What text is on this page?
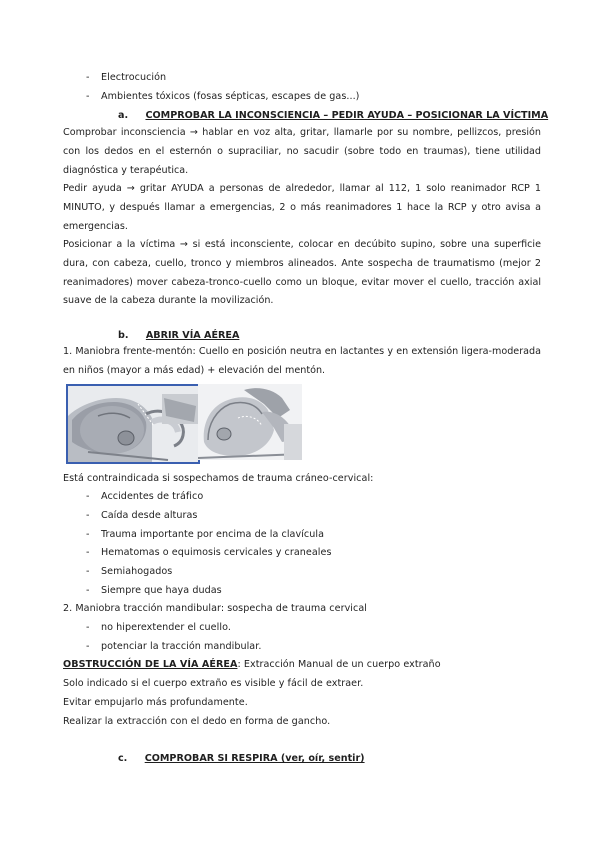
- Electrocución
- Ambientes tóxicos (fosas sépticas, escapes de gas...)
a. COMPROBAR LA INCONSCIENCIA – PEDIR AYUDA – POSICIONAR LA VÍCTIMA
Comprobar inconsciencia → hablar en voz alta, gritar, llamarle por su nombre, pellizcos, presión con los dedos en el esternón o supraciliar, no sacudir (sobre todo en traumas), tiene utilidad diagnóstica y terapéutica.
Pedir ayuda → gritar AYUDA a personas de alrededor, llamar al 112, 1 solo reanimador RCP 1 MINUTO, y después llamar a emergencias, 2 o más reanimadores 1 hace la RCP y otro avisa a emergencias.
Posicionar a la víctima → si está inconsciente, colocar en decúbito supino, sobre una superficie dura, con cabeza, cuello, tronco y miembros alineados. Ante sospecha de traumatismo (mejor 2 reanimadores) mover cabeza-tronco-cuello como un bloque, evitar mover el cuello, tracción axial suave de la cabeza durante la movilización.
b. ABRIR VÍA AÉREA
1. Maniobra frente-mentón: Cuello en posición neutra en lactantes y en extensión ligera-moderada en niños (mayor a más edad) + elevación del mentón.
Está contraindicada si sospechamos de trauma cráneo-cervical:
- Accidentes de tráfico
- Caída desde alturas
- Trauma importante por encima de la clavícula
- Hematomas o equimosis cervicales y craneales
- Semiahogados
- Siempre que haya dudas
2. Maniobra tracción mandibular: sospecha de trauma cervical
- no hiperextender el cuello.
- potenciar la tracción mandibular.
OBSTRUCCIÓN DE LA VÍA AÉREA: Extracción Manual de un cuerpo extraño
Solo indicado si el cuerpo extraño es visible y fácil de extraer.
Evitar empujarlo más profundamente.
Realizar la extracción con el dedo en forma de gancho.
c. COMPROBAR SI RESPIRA (ver, oír, sentir)
